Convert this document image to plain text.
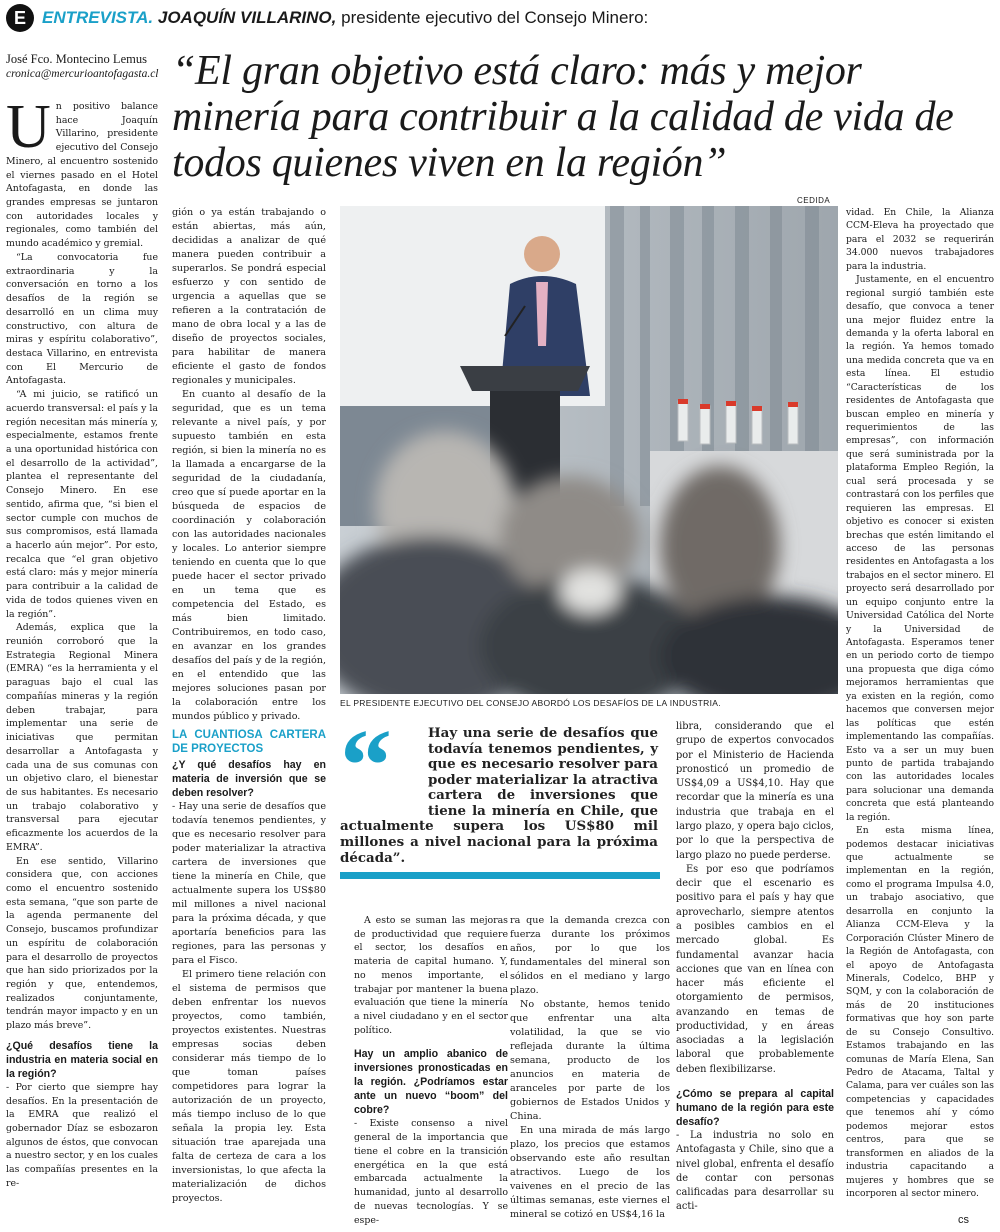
E ENTREVISTA. JOAQUÍN VILLARINO, presidente ejecutivo del Consejo Minero:
José Fco. Montecino Lemus
cronica@mercurioantofagasta.cl “El gran objetivo está claro: más y mejor minería para contribuir a la calidad de vida de todos quienes viven en la región”

Un positivo balance hace Joaquín Villarino, presidente ejecutivo del Consejo Minero, al encuentro sostenido el viernes pasado en el Hotel Antofagasta, en donde las grandes empresas se juntaron con autoridades locales y regionales, como también del mundo académico y gremial.

“La convocatoria fue extraordinaria y la conversación en torno a los desafíos de la región se desarrolló en un clima muy constructivo, con altura de miras y espíritu colaborativo”, destaca Villarino, en entrevista con El Mercurio de Antofagasta.

“A mi juicio, se ratificó un acuerdo transversal: el país y la región necesitan más minería y, especialmente, estamos frente a una oportunidad histórica con el desarrollo de la actividad”, plantea el representante del Consejo Minero. En ese sentido, afirma que, “si bien el sector cumple con muchos de sus compromisos, está llamada a hacerlo aún mejor”. Por esto, recalca que “el gran objetivo está claro: más y mejor minería para contribuir a la calidad de vida de todos quienes viven en la región”.

Además, explica que la reunión corroboró que la Estrategia Regional Minera (EMRA) “es la herramienta y el paraguas bajo el cual las compañías mineras y la región deben trabajar, para implementar una serie de iniciativas que permitan desarrollar a Antofagasta y cada una de sus comunas con un objetivo claro, el bienestar de sus habitantes. Es necesario un trabajo colaborativo y transversal para ejecutar eficazmente los acuerdos de la EMRA”.

En ese sentido, Villarino considera que, con acciones como el encuentro sostenido esta semana, “que son parte de la agenda permanente del Consejo, buscamos profundizar un espíritu de colaboración para el desarrollo de proyectos que han sido priorizados por la región y que, entendemos, realizados conjuntamente, tendrán mayor impacto y en un plazo más breve”.

¿Qué desafíos tiene la industria en materia social en la región?

- Por cierto que siempre hay desafíos. En la presentación de la EMRA que realizó el gobernador Díaz se esbozaron algunos de éstos, que convocan a nuestro sector, y en los cuales las compañías presentes en la re-

gión o ya están trabajando o están abiertas, más aún, decididas a analizar de qué manera pueden contribuir a superarlos. Se pondrá especial esfuerzo y con sentido de urgencia a aquellas que se refieren a la contratación de mano de obra local y a las de diseño de proyectos sociales, para habilitar de manera eficiente el gasto de fondos regionales y municipales.

En cuanto al desafío de la seguridad, que es un tema relevante a nivel país, y por supuesto también en esta región, si bien la minería no es la llamada a encargarse de la seguridad de la ciudadanía, creo que sí puede aportar en la búsqueda de espacios de coordinación y colaboración con las autoridades nacionales y locales. Lo anterior siempre teniendo en cuenta que lo que puede hacer el sector privado en un tema que es competencia del Estado, es más bien limitado. Contribuiremos, en todo caso, en avanzar en los grandes desafíos del país y de la región, en el entendido que las mejores soluciones pasan por la colaboración entre los mundos público y privado.

LA CUANTIOSA CARTERA DE PROYECTOS
¿Y qué desafíos hay en materia de inversión que se deben resolver?

- Hay una serie de desafíos que todavía tenemos pendientes, y que es necesario resolver para poder materializar la atractiva cartera de inversiones que tiene la minería en Chile, que actualmente supera los US$80 mil millones a nivel nacional para la próxima década, y que aportaría beneficios para las regiones, para las personas y para el Fisco.

El primero tiene relación con el sistema de permisos que deben enfrentar los nuevos proyectos, como también, proyectos existentes. Nuestras empresas socias deben considerar más tiempo de lo que toman países competidores para lograr la autorización de un proyecto, más tiempo incluso de lo que señala la propia ley. Esta situación trae aparejada una falta de certeza de cara a los inversionistas, lo que afecta la materialización de dichos proyectos.

CEDIDA
EL PRESIDENTE EJECUTIVO DEL CONSEJO ABORDÓ LOS DESAFÍOS DE LA INDUSTRIA.
“	Hay una serie de desafíos que todavía tenemos pendientes, y que es necesario resolver para poder materializar la atractiva cartera de inversiones que tiene la minería en Chile, que actualmente supera los US$80 mil millones a nivel nacional para la próxima década”.

A esto se suman las mejoras de productividad que requiere el sector, los desafíos en materia de capital humano. Y, no menos importante, el trabajar por mantener la buena evaluación que tiene la minería a nivel ciudadano y en el sector político.

Hay un amplio abanico de inversiones pronosticadas en la región. ¿Podríamos estar ante un nuevo “boom” del cobre?

- Existe consenso a nivel general de la importancia que tiene el cobre en la transición energética en la que está embarcada actualmente la humanidad, junto al desarrollo de nuevas tecnologías. Y se espe-

ra que la demanda crezca con fuerza durante los próximos años, por lo que los fundamentales del mineral son sólidos en el mediano y largo plazo.

No obstante, hemos tenido que enfrentar una alta volatilidad, la que se vio reflejada durante la última semana, producto de los anuncios en materia de aranceles por parte de los gobiernos de Estados Unidos y China.

En una mirada de más largo plazo, los precios que estamos observando este año resultan atractivos. Luego de los vaivenes en el precio de las últimas semanas, este viernes el mineral se cotizó en US$4,16 la

libra, considerando que el grupo de expertos convocados por el Ministerio de Hacienda pronosticó un promedio de US$4,09 a US$4,10. Hay que recordar que la minería es una industria que trabaja en el largo plazo, y opera bajo ciclos, por lo que la perspectiva de largo plazo no puede perderse.

Es por eso que podríamos decir que el escenario es positivo para el país y hay que aprovecharlo, siempre atentos a posibles cambios en el mercado global. Es fundamental avanzar hacia acciones que van en línea con hacer más eficiente el otorgamiento de permisos, avanzando en temas de productividad, y en áreas asociadas a la legislación laboral que probablemente deben flexibilizarse.

¿Cómo se prepara al capital humano de la región para este desafío?

- La industria no solo en Antofagasta y Chile, sino que a nivel global, enfrenta el desafío de contar con personas calificadas para desarrollar su acti-

vidad. En Chile, la Alianza CCM-Eleva ha proyectado que para el 2032 se requerirán 34.000 nuevos trabajadores para la industria.

Justamente, en el encuentro regional surgió también este desafío, que convoca a tener una mejor fluidez entre la demanda y la oferta laboral en la región. Ya hemos tomado una medida concreta que va en esta línea. El estudio “Características de los residentes de Antofagasta que buscan empleo en minería y requerimientos de las empresas”, con información que será suministrada por la plataforma Empleo Región, la cual será procesada y se contrastará con los perfiles que requieren las empresas. El objetivo es conocer si existen brechas que estén limitando el acceso de las personas residentes en Antofagasta a los trabajos en el sector minero. El proyecto será desarrollado por un equipo conjunto entre la Universidad Católica del Norte y la Universidad de Antofagasta. Esperamos tener en un periodo corto de tiempo una propuesta que diga cómo mejoramos herramientas que ya existen en la región, como hacemos que conversen mejor las políticas que estén implementando las compañías. Esto va a ser un muy buen punto de partida trabajando con las autoridades locales para solucionar una demanda concreta que está planteando la región.

En esta misma línea, podemos destacar iniciativas que actualmente se implementan en la región, como el programa Impulsa 4.0, un trabajo asociativo, que desarrolla en conjunto la Alianza CCM-Eleva y la Corporación Clúster Minero de la Región de Antofagasta, con el apoyo de Antofagasta Minerals, Codelco, BHP y SQM, y con la colaboración de más de 20 instituciones formativas que hoy son parte de su Consejo Consultivo. Estamos trabajando en las comunas de María Elena, San Pedro de Atacama, Taltal y Calama, para ver cuáles son las competencias y capacidades que tenemos ahí y cómo podemos mejorar estos centros, para que se transformen en aliados de la industria capacitando a mujeres y hombres que se incorporen al sector minero.

cs
